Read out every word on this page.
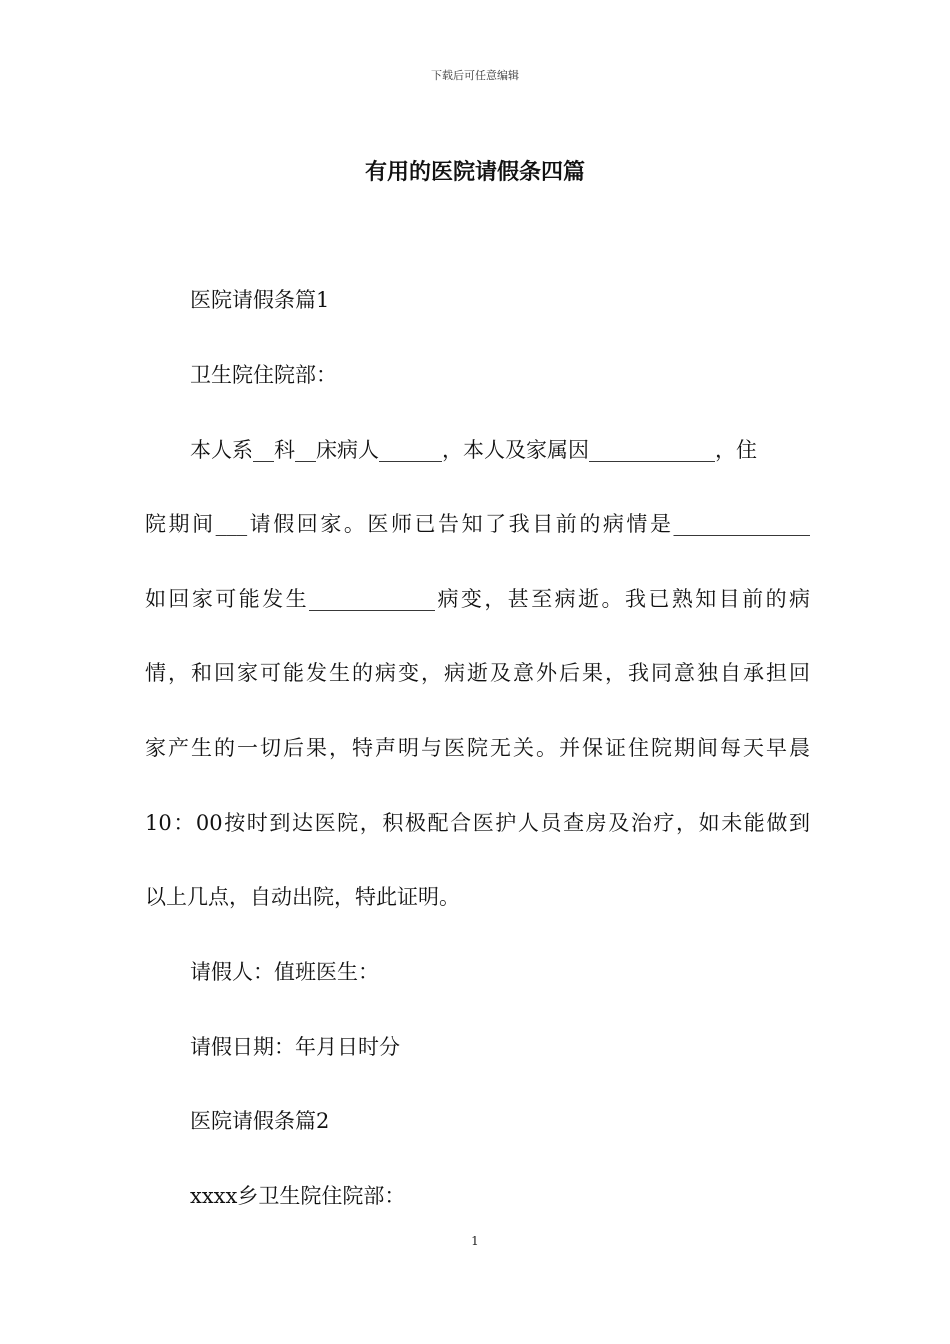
下载后可任意编辑
有用的医院请假条四篇
医院请假条篇1
卫生院住院部：
本人系__科__床病人______，本人及家属因____________，住
院期间___请假回家。医师已告知了我目前的病情是_____________
如回家可能发生____________病变，甚至病逝。我已熟知目前的病
情，和回家可能发生的病变，病逝及意外后果，我同意独自承担回
家产生的一切后果，特声明与医院无关。并保证住院期间每天早晨
10：00按时到达医院，积极配合医护人员查房及治疗，如未能做到
以上几点，自动出院，特此证明。
请假人：值班医生：
请假日期：年月日时分
医院请假条篇2
xxxx乡卫生院住院部：
1
